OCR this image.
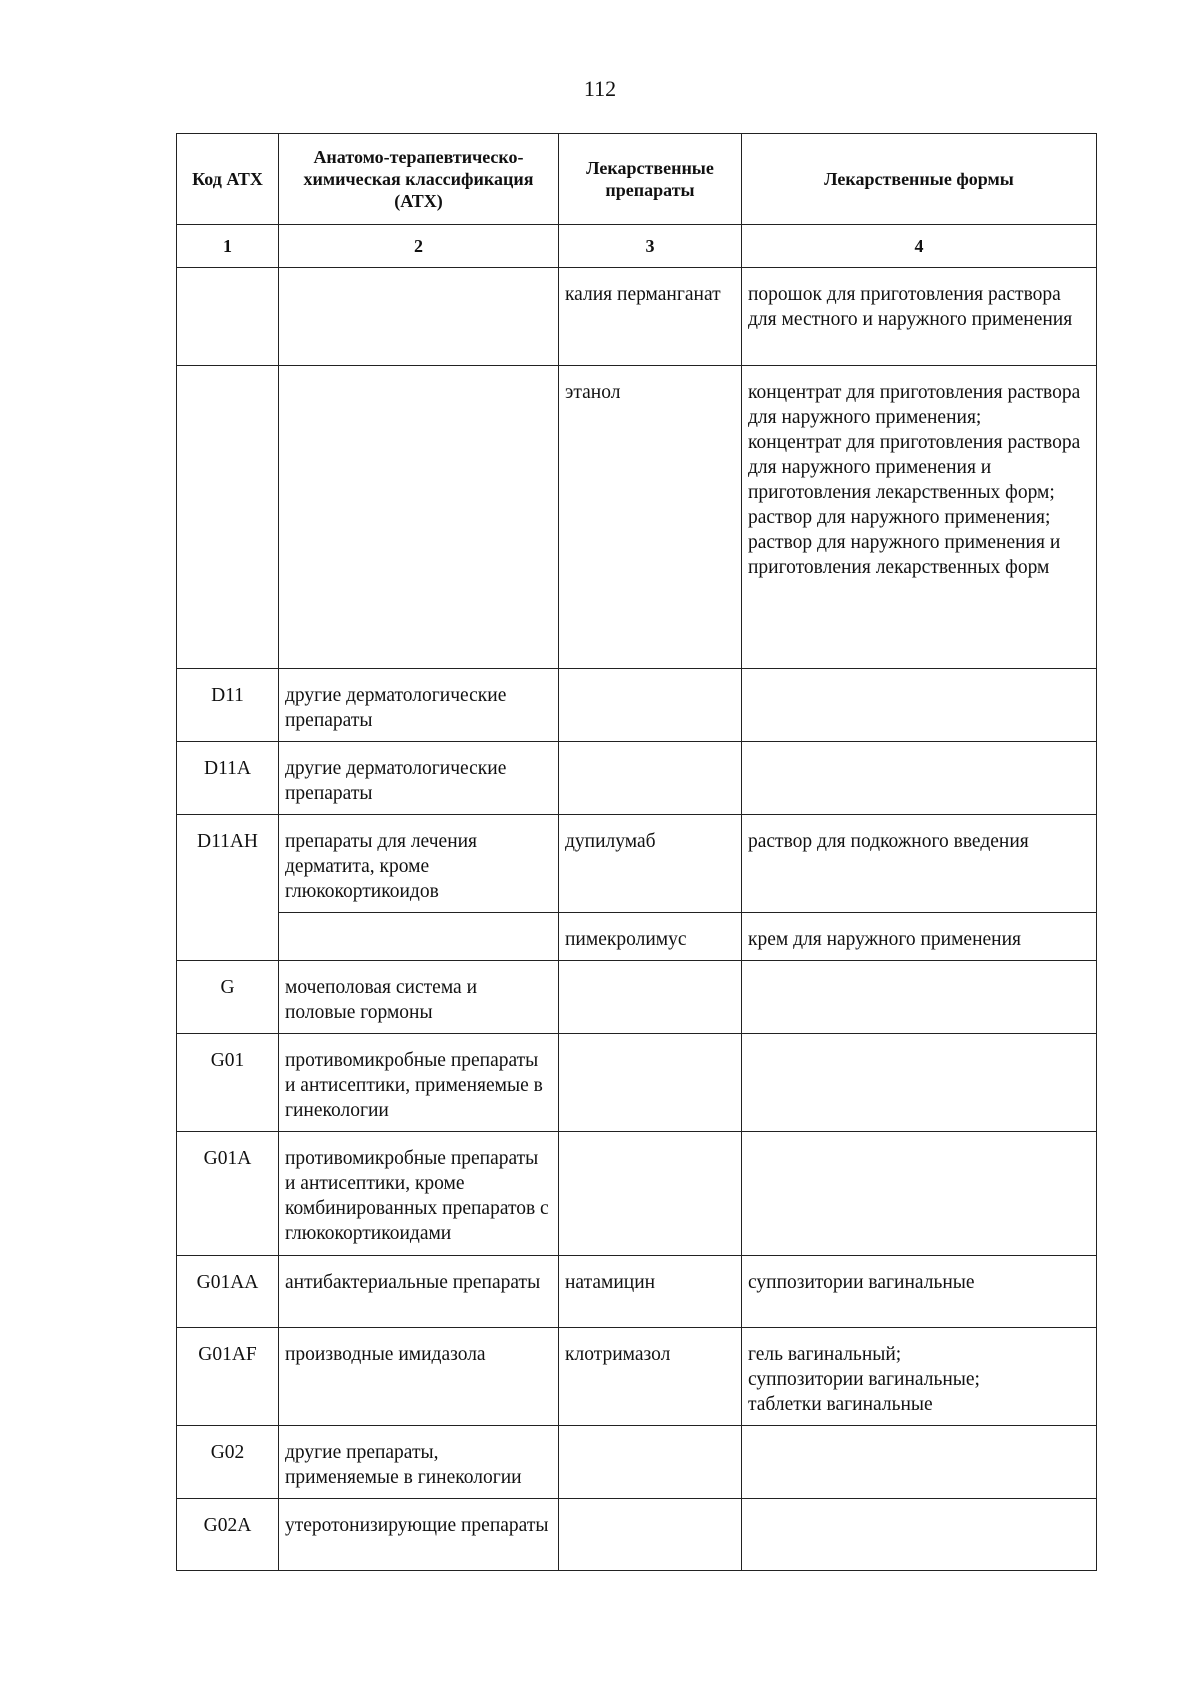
112
Код АТХ	Анатомо-терапевтическо-химическая классификация (АТХ)	Лекарственные препараты	Лекарственные формы
1	2	3	4
		калия перманганат	порошок для приготовления раствора для местного и наружного применения

		этанол	концентрат для приготовления раствора для наружного применения;
концентрат для приготовления раствора для наружного применения и приготовления лекарственных форм;
раствор для наружного применения;
раствор для наружного применения и приготовления лекарственных форм

D11	другие дерматологические препараты		
D11A	другие дерматологические препараты		
D11AH	препараты для лечения дерматита, кроме глюкокортикоидов	дупилумаб	раствор для подкожного введения

		пимекролимус	крем для наружного применения

G	мочеполовая система и половые гормоны		
G01	противомикробные препараты и антисептики, применяемые в гинекологии		
G01A	противомикробные препараты и антисептики, кроме комбинированных препаратов с глюкокортикоидами		
G01AA	антибактериальные препараты	натамицин	суппозитории вагинальные

G01AF	производные имидазола	клотримазол	гель вагинальный;
суппозитории вагинальные;
таблетки вагинальные

G02	другие препараты, применяемые в гинекологии		
G02A	утеротонизирующие препараты		
